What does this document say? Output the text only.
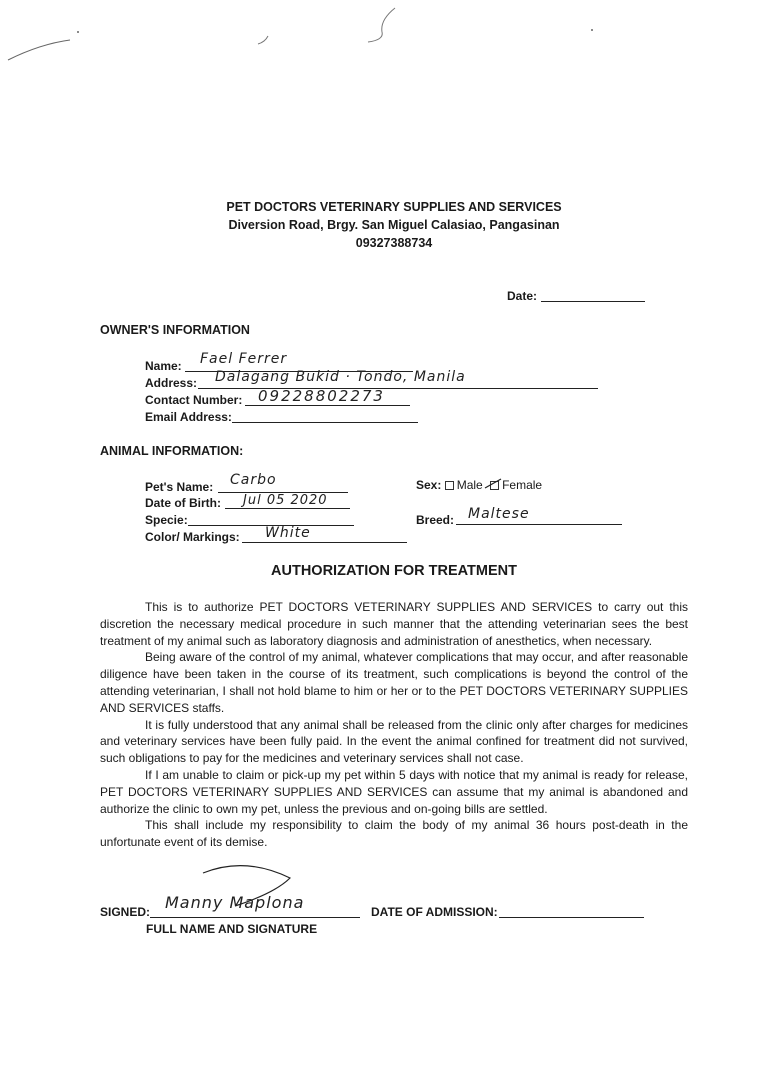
PET DOCTORS VETERINARY SUPPLIES AND SERVICES
Diversion Road, Brgy. San Miguel Calasiao, Pangasinan
09327388734
Date:
OWNER'S INFORMATION
Name: Fael Ferrer
Address: Dalagang Bukid · Tondo, Manila
Contact Number: 09228802273
Email Address:
ANIMAL INFORMATION:
Pet's Name: Carbo
Date of Birth: Jul 05 2020
Specie:
Color/ Markings: White
Sex: Male Female
Breed: Maltese
AUTHORIZATION FOR TREATMENT

This is to authorize PET DOCTORS VETERINARY SUPPLIES AND SERVICES to carry out this discretion the necessary medical procedure in such manner that the attending veterinarian sees the best treatment of my animal such as laboratory diagnosis and administration of anesthetics, when necessary.

Being aware of the control of my animal, whatever complications that may occur, and after reasonable diligence have been taken in the course of its treatment, such complications is beyond the control of the attending veterinarian, I shall not hold blame to him or her or to the PET DOCTORS VETERINARY SUPPLIES AND SERVICES staffs.

It is fully understood that any animal shall be released from the clinic only after charges for medicines and veterinary services have been fully paid. In the event the animal confined for treatment did not survived, such obligations to pay for the medicines and veterinary services shall not case.

If I am unable to claim or pick-up my pet within 5 days with notice that my animal is ready for release, PET DOCTORS VETERINARY SUPPLIES AND SERVICES can assume that my animal is abandoned and authorize the clinic to own my pet, unless the previous and on-going bills are settled.

This shall include my responsibility to claim the body of my animal 36 hours post-death in the unfortunate event of its demise.

SIGNED: Manny Maplona
FULL NAME AND SIGNATURE
DATE OF ADMISSION:
